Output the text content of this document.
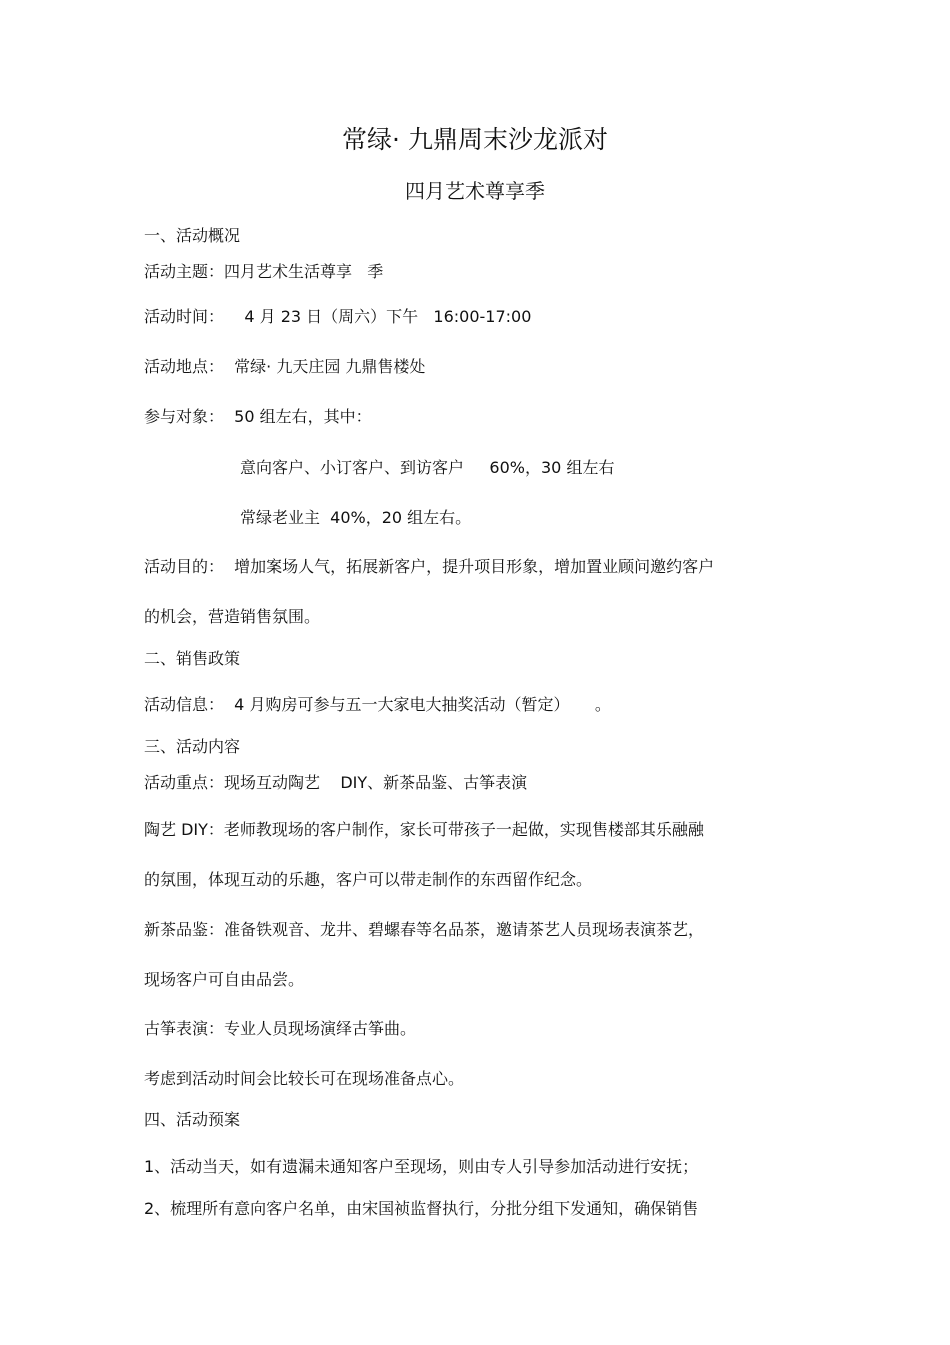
常绿· 九鼎周末沙龙派对
四月艺术尊享季
一、活动概况
活动主题：四月艺术生活尊享   季
活动时间：    4 月 23 日（周六）下午   16:00-17:00
活动地点：  常绿· 九天庄园 九鼎售楼处
参与对象：  50 组左右，其中：
意向客户、小订客户、到访客户     60%，30 组左右
常绿老业主  40%，20 组左右。
活动目的：  增加案场人气，拓展新客户，提升项目形象，增加置业顾问邀约客户
的机会，营造销售氛围。
二、销售政策
活动信息：  4 月购房可参与五一大家电大抽奖活动（暂定）     。
三、活动内容
活动重点：现场互动陶艺    DIY、新茶品鉴、古筝表演
陶艺 DIY：老师教现场的客户制作，家长可带孩子一起做，实现售楼部其乐融融
的氛围，体现互动的乐趣，客户可以带走制作的东西留作纪念。
新茶品鉴：准备铁观音、龙井、碧螺春等名品茶，邀请茶艺人员现场表演茶艺，
现场客户可自由品尝。
古筝表演：专业人员现场演绎古筝曲。
考虑到活动时间会比较长可在现场准备点心。
四、活动预案
1、活动当天，如有遗漏未通知客户至现场，则由专人引导参加活动进行安抚；
2、梳理所有意向客户名单，由宋国祯监督执行，分批分组下发通知，确保销售
